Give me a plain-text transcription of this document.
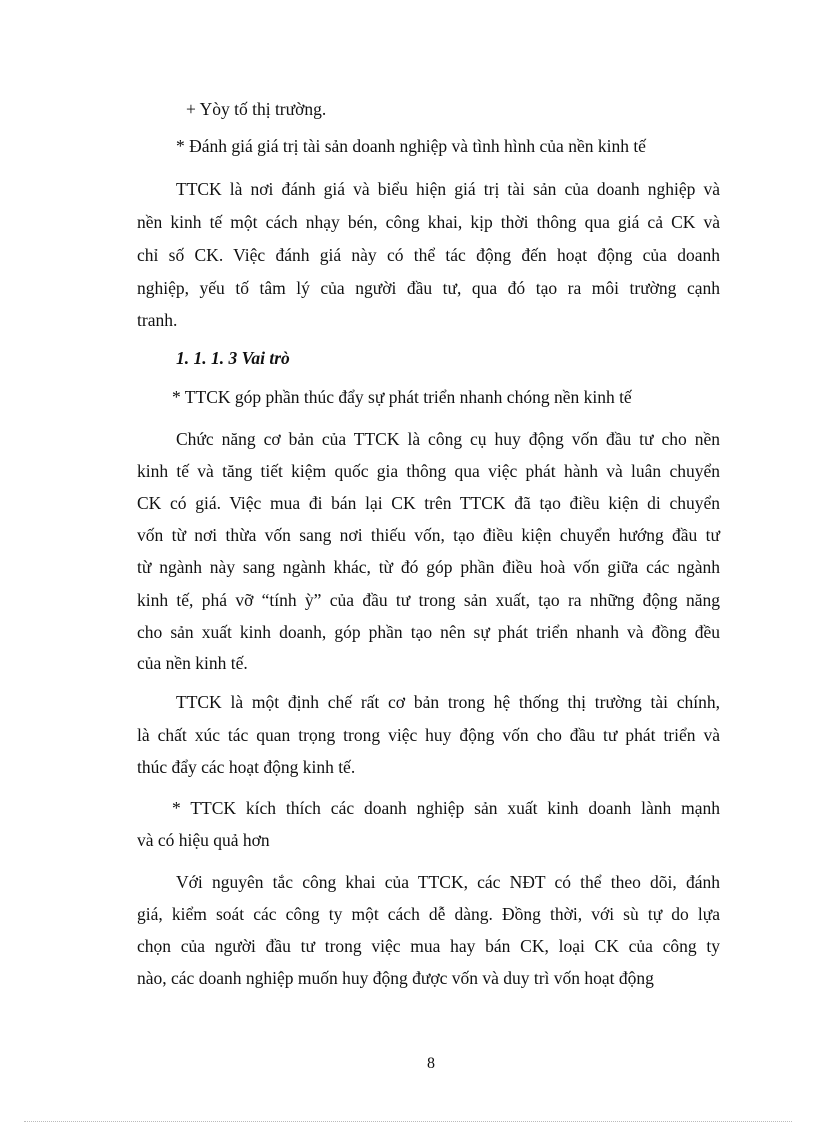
+ Yòy tố thị trường.
* Đánh giá giá trị tài sản doanh nghiệp và tình hình của nền kinh tế
TTCK là nơi đánh giá và biểu hiện giá trị tài sản của doanh nghiệp và
nền kinh tế một cách nhạy bén, công khai, kịp thời thông qua giá cả CK và
chỉ số CK. Việc đánh giá này có thể tác động đến hoạt động của doanh
nghiệp, yếu tố tâm lý của người đầu tư, qua đó tạo ra môi trường cạnh
tranh.
1. 1. 1. 3 Vai trò
* TTCK góp phần thúc đẩy sự phát triển nhanh chóng nền kinh tế
Chức năng cơ bản của TTCK là công cụ huy động vốn đầu tư cho nền
kinh tế và tăng tiết kiệm quốc gia thông qua việc phát hành và luân chuyển
CK có giá. Việc mua đi bán lại CK trên TTCK đã tạo điều kiện di chuyển
vốn từ nơi thừa vốn sang nơi thiếu vốn, tạo điều kiện chuyển hướng đầu tư
từ ngành này sang ngành khác, từ đó góp phần điều hoà vốn giữa các ngành
kinh tế, phá vỡ “tính ỳ” của đầu tư trong sản xuất, tạo ra những động năng
cho sản xuất kinh doanh, góp phần tạo nên sự phát triển nhanh và đồng đều
của nền kinh tế.
TTCK là một định chế rất cơ bản trong hệ thống thị trường tài chính,
là chất xúc tác quan trọng trong việc huy động vốn cho đầu tư phát triển và
thúc đẩy các hoạt động kinh tế.
* TTCK kích thích các doanh nghiệp sản xuất kinh doanh lành mạnh
và có hiệu quả hơn
Với nguyên tắc công khai của TTCK, các NĐT có thể theo dõi, đánh
giá, kiểm soát các công ty một cách dễ dàng. Đồng thời, với sù tự do lựa
chọn của người đầu tư trong việc mua hay bán CK, loại CK của công ty
nào, các doanh nghiệp muốn huy động được vốn và duy trì vốn hoạt động
8
